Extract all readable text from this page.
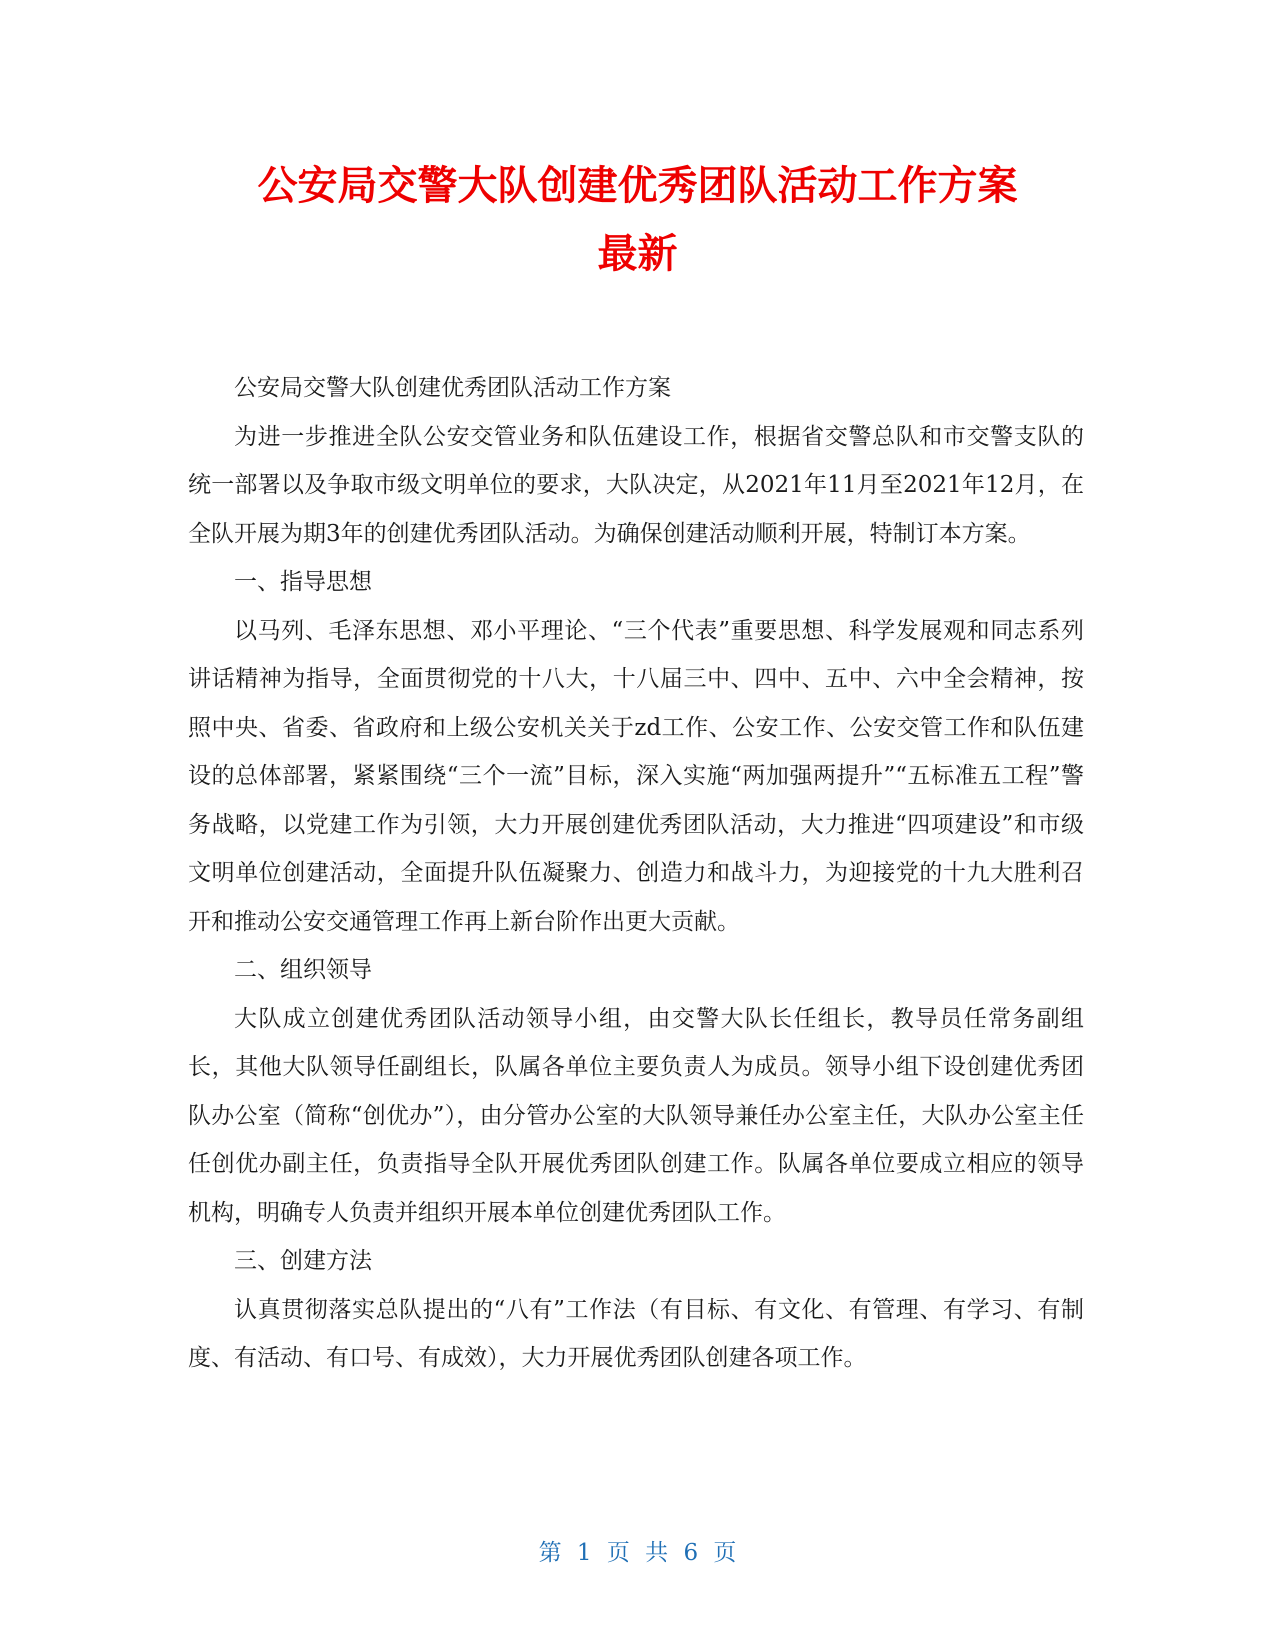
公安局交警大队创建优秀团队活动工作方案
最新

公安局交警大队创建优秀团队活动工作方案

为进一步推进全队公安交管业务和队伍建设工作，根据省交警总队和市交警支队的统一部署以及争取市级文明单位的要求，大队决定，从2021年11月至2021年12月，在全队开展为期3年的创建优秀团队活动。为确保创建活动顺利开展，特制订本方案。

一、指导思想

以马列、毛泽东思想、邓小平理论、“三个代表”重要思想、科学发展观和同志系列讲话精神为指导，全面贯彻党的十八大，十八届三中、四中、五中、六中全会精神，按照中央、省委、省政府和上级公安机关关于zd工作、公安工作、公安交管工作和队伍建设的总体部署，紧紧围绕“三个一流”目标，深入实施“两加强两提升”“五标准五工程”警务战略，以党建工作为引领，大力开展创建优秀团队活动，大力推进“四项建设”和市级文明单位创建活动，全面提升队伍凝聚力、创造力和战斗力，为迎接党的十九大胜利召开和推动公安交通管理工作再上新台阶作出更大贡献。

二、组织领导

大队成立创建优秀团队活动领导小组，由交警大队长任组长，教导员任常务副组长，其他大队领导任副组长，队属各单位主要负责人为成员。领导小组下设创建优秀团队办公室（简称“创优办”），由分管办公室的大队领导兼任办公室主任，大队办公室主任任创优办副主任，负责指导全队开展优秀团队创建工作。队属各单位要成立相应的领导机构，明确专人负责并组织开展本单位创建优秀团队工作。

三、创建方法

认真贯彻落实总队提出的“八有”工作法（有目标、有文化、有管理、有学习、有制度、有活动、有口号、有成效），大力开展优秀团队创建各项工作。

第 1 页 共 6 页
